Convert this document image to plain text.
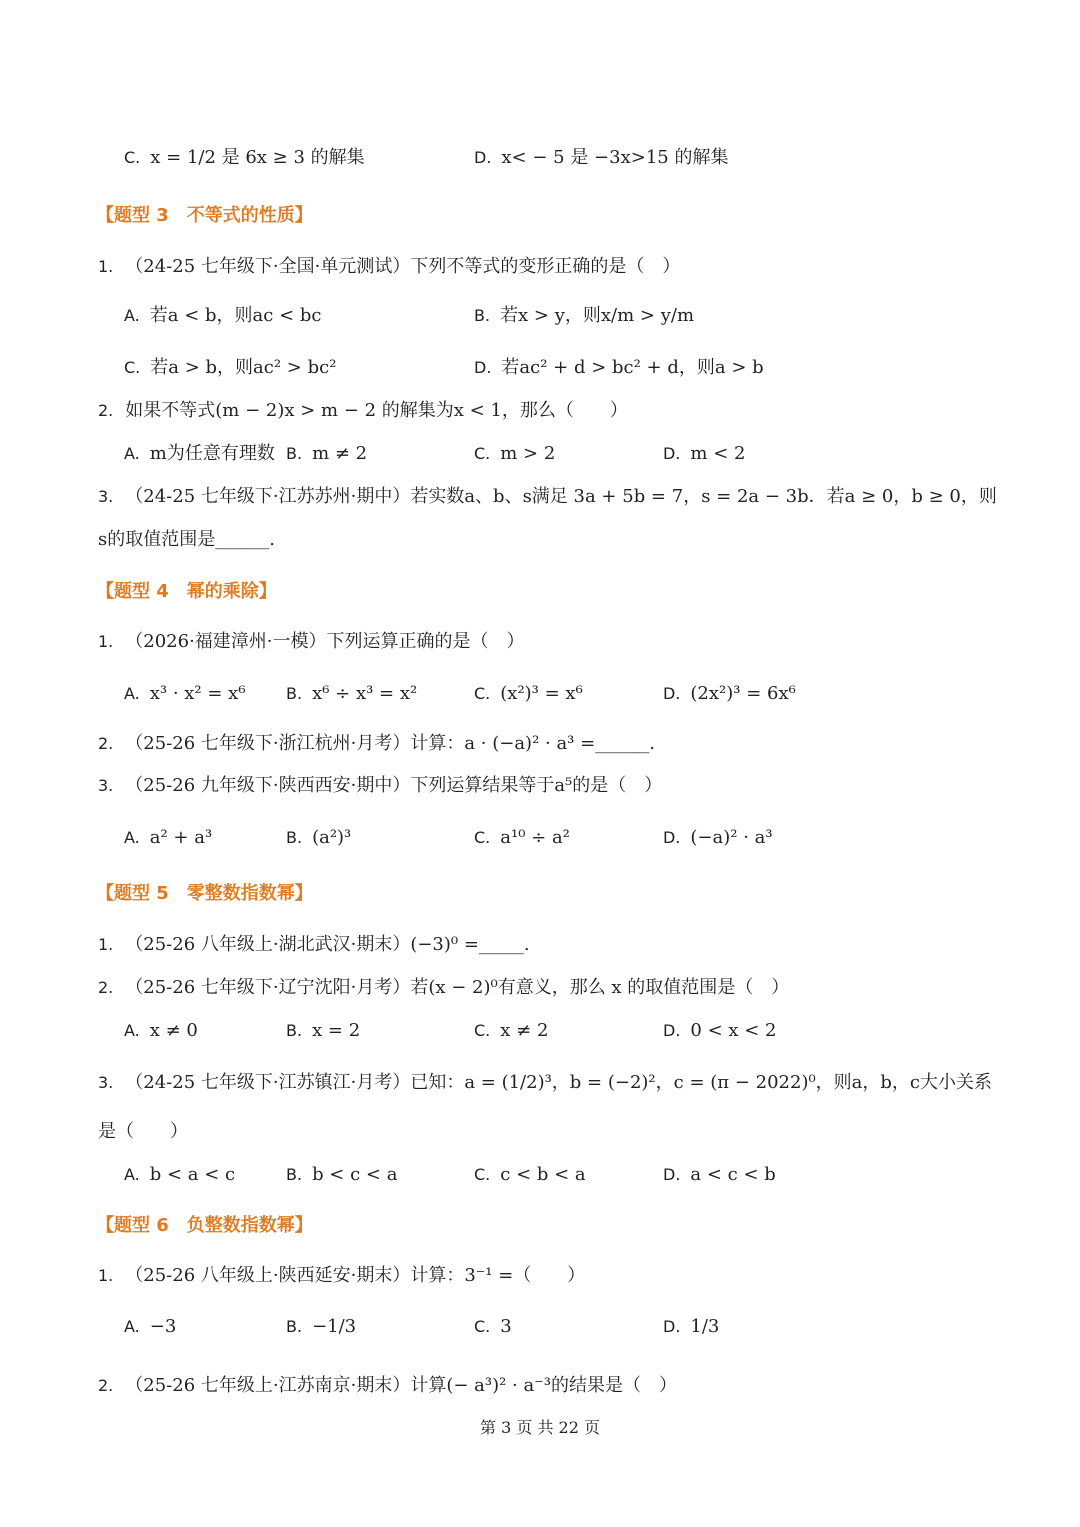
C. x = 1/2 是 6x ≥ 3 的解集	D. x< − 5 是 −3x>15 的解集
【题型 3　不等式的性质】
1. （24-25 七年级下·全国·单元测试）下列不等式的变形正确的是（　）
A. 若a < b，则ac < bc	B. 若x > y，则x/m > y/m
C. 若a > b，则ac² > bc²	D. 若ac² + d > bc² + d，则a > b
2. 如果不等式(m − 2)x > m − 2 的解集为x < 1，那么（　　）
A. m为任意有理数 B. m ≠ 2	C. m > 2	D. m < 2
3. （24-25 七年级下·江苏苏州·期中）若实数a、b、s满足 3a + 5b = 7，s = 2a − 3b．若a ≥ 0，b ≥ 0，则
s的取值范围是______.
【题型 4　幂的乘除】
1. （2026·福建漳州·一模）下列运算正确的是（　）
A. x³ · x² = x⁶	B. x⁶ ÷ x³ = x²	C. (x²)³ = x⁶	D. (2x²)³ = 6x⁶
2. （25-26 七年级下·浙江杭州·月考）计算：a · (−a)² · a³ =______.
3. （25-26 九年级下·陕西西安·期中）下列运算结果等于a⁵的是（　）
A. a² + a³	B. (a²)³	C. a¹⁰ ÷ a²	D. (−a)² · a³
【题型 5　零整数指数幂】
1. （25-26 八年级上·湖北武汉·期末）(−3)⁰ =_____.
2. （25-26 七年级下·辽宁沈阳·月考）若(x − 2)⁰有意义，那么 x 的取值范围是（　）
A. x ≠ 0	B. x = 2	C. x ≠ 2	D. 0 < x < 2
3. （24-25 七年级下·江苏镇江·月考）已知：a = (1/2)³，b = (−2)²，c = (π − 2022)⁰，则a，b，c大小关系
是（　　）
A. b < a < c	B. b < c < a	C. c < b < a	D. a < c < b
【题型 6　负整数指数幂】
1. （25-26 八年级上·陕西延安·期末）计算：3⁻¹ =（　　）
A. −3	B. −1/3	C. 3	D. 1/3
2. （25-26 七年级上·江苏南京·期末）计算(− a³)² · a⁻³的结果是（　）
第 3 页 共 22 页
